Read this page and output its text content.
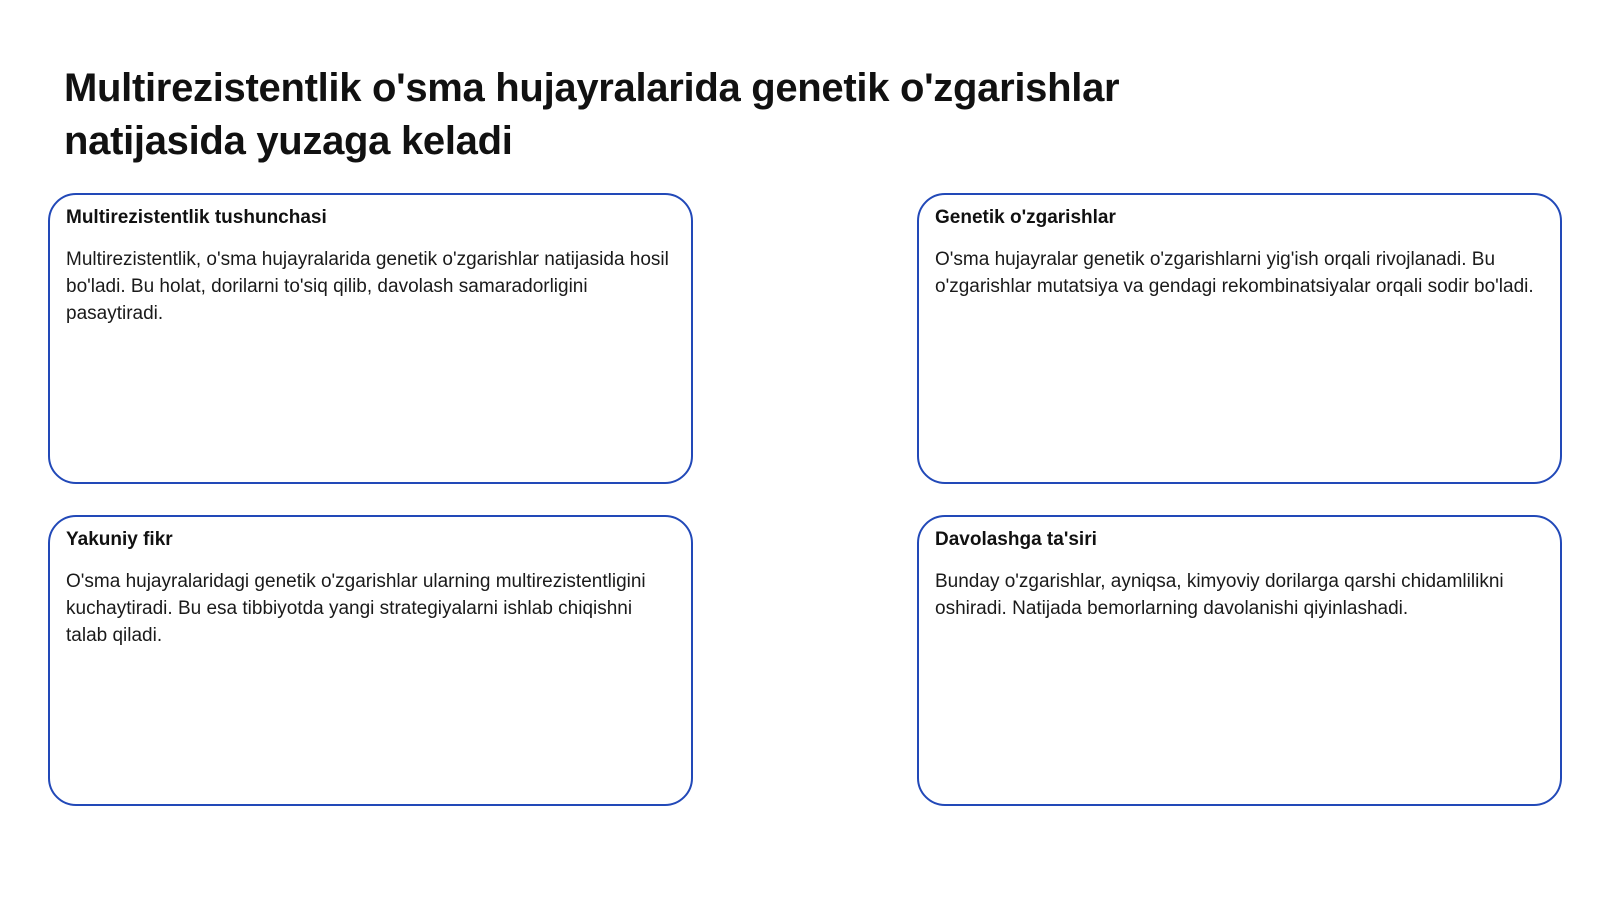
Multirezistentlik o'sma hujayralarida genetik o'zgarishlar natijasida yuzaga keladi
Multirezistentlik tushunchasi

Multirezistentlik, o'sma hujayralarida genetik o'zgarishlar natijasida hosil bo'ladi. Bu holat, dorilarni to'siq qilib, davolash samaradorligini pasaytiradi.

Genetik o'zgarishlar

O'sma hujayralar genetik o'zgarishlarni yig'ish orqali rivojlanadi. Bu o'zgarishlar mutatsiya va gendagi rekombinatsiyalar orqali sodir bo'ladi.

Yakuniy fikr

O'sma hujayralaridagi genetik o'zgarishlar ularning multirezistentligini kuchaytiradi. Bu esa tibbiyotda yangi strategiyalarni ishlab chiqishni talab qiladi.

Davolashga ta'siri

Bunday o'zgarishlar, ayniqsa, kimyoviy dorilarga qarshi chidamlilikni oshiradi. Natijada bemorlarning davolanishi qiyinlashadi.
